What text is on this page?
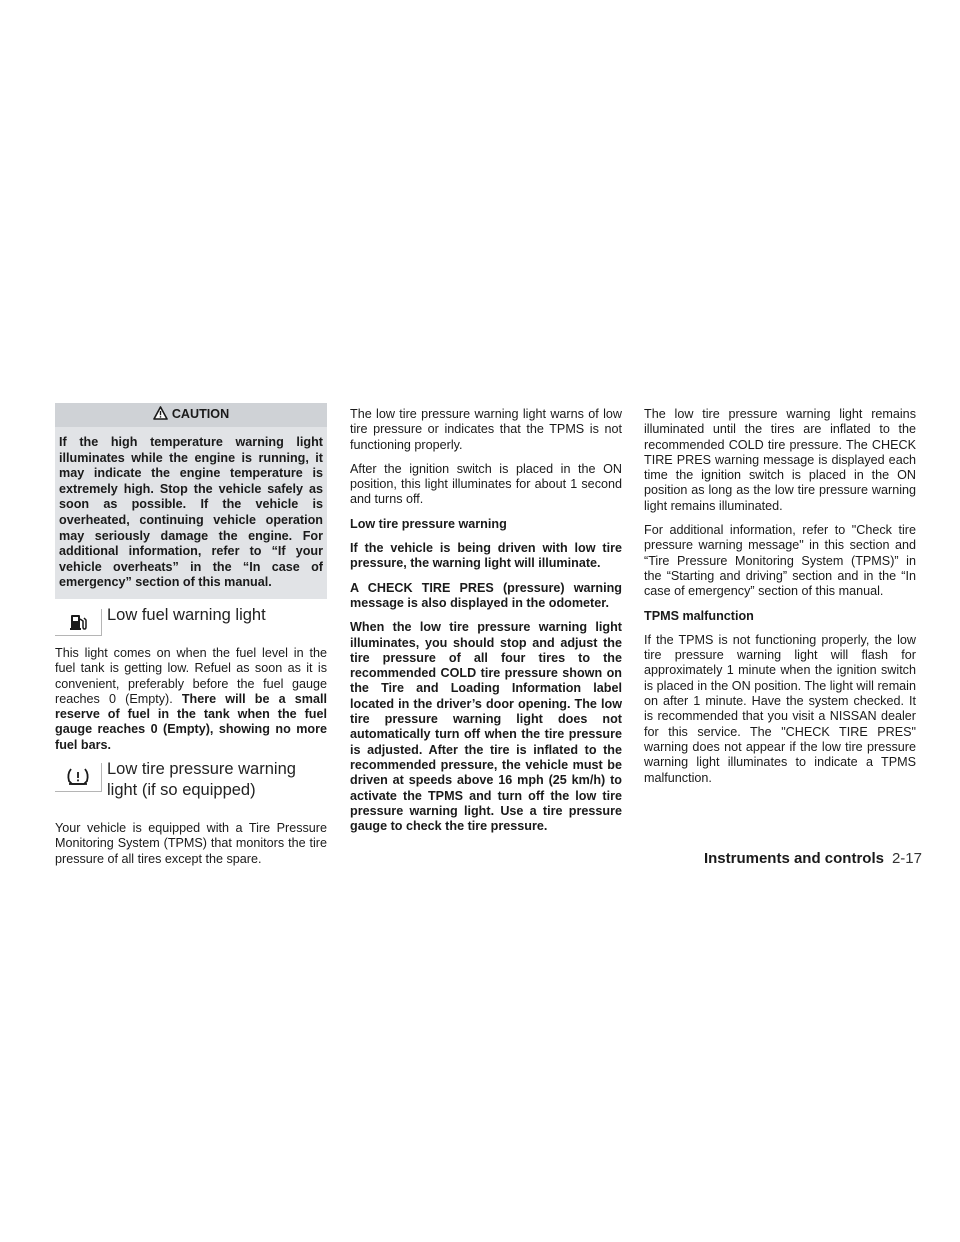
CAUTION
If the high temperature warning light illuminates while the engine is running, it may indicate the engine temperature is extremely high. Stop the vehicle safely as soon as possible. If the vehicle is overheated, continuing vehicle operation may seriously damage the engine. For additional information, refer to “If your vehicle overheats” in the “In case of emergency” section of this manual.
Low fuel warning light

This light comes on when the fuel level in the fuel tank is getting low. Refuel as soon as it is convenient, preferably before the fuel gauge reaches 0 (Empty). There will be a small reserve of fuel in the tank when the fuel gauge reaches 0 (Empty), showing no more fuel bars.

Low tire pressure warning
light (if so equipped)

Your vehicle is equipped with a Tire Pressure Monitoring System (TPMS) that monitors the tire pressure of all tires except the spare.

The low tire pressure warning light warns of low tire pressure or indicates that the TPMS is not functioning properly.

After the ignition switch is placed in the ON position, this light illuminates for about 1 second and turns off.

Low tire pressure warning

If the vehicle is being driven with low tire pressure, the warning light will illuminate.

A CHECK TIRE PRES (pressure) warning message is also displayed in the odometer.

When the low tire pressure warning light illuminates, you should stop and adjust the tire pressure of all four tires to the recommended COLD tire pressure shown on the Tire and Loading Information label located in the driver’s door opening. The low tire pressure warning light does not automatically turn off when the tire pressure is adjusted. After the tire is inflated to the recommended pressure, the vehicle must be driven at speeds above 16 mph (25 km/h) to activate the TPMS and turn off the low tire pressure warning light. Use a tire pressure gauge to check the tire pressure.

The low tire pressure warning light remains illuminated until the tires are inflated to the recommended COLD tire pressure. The CHECK TIRE PRES warning message is displayed each time the ignition switch is placed in the ON position as long as the low tire pressure warning light remains illuminated.

For additional information, refer to "Check tire pressure warning message" in this section and “Tire Pressure Monitoring System (TPMS)” in the “Starting and driving” section and in the “In case of emergency” section of this manual.

TPMS malfunction

If the TPMS is not functioning properly, the low tire pressure warning light will flash for approximately 1 minute when the ignition switch is placed in the ON position. The light will remain on after 1 minute. Have the system checked. It is recommended that you visit a NISSAN dealer for this service. The "CHECK TIRE PRES" warning does not appear if the low tire pressure warning light illuminates to indicate a TPMS malfunction.

Instruments and controls 2-17
